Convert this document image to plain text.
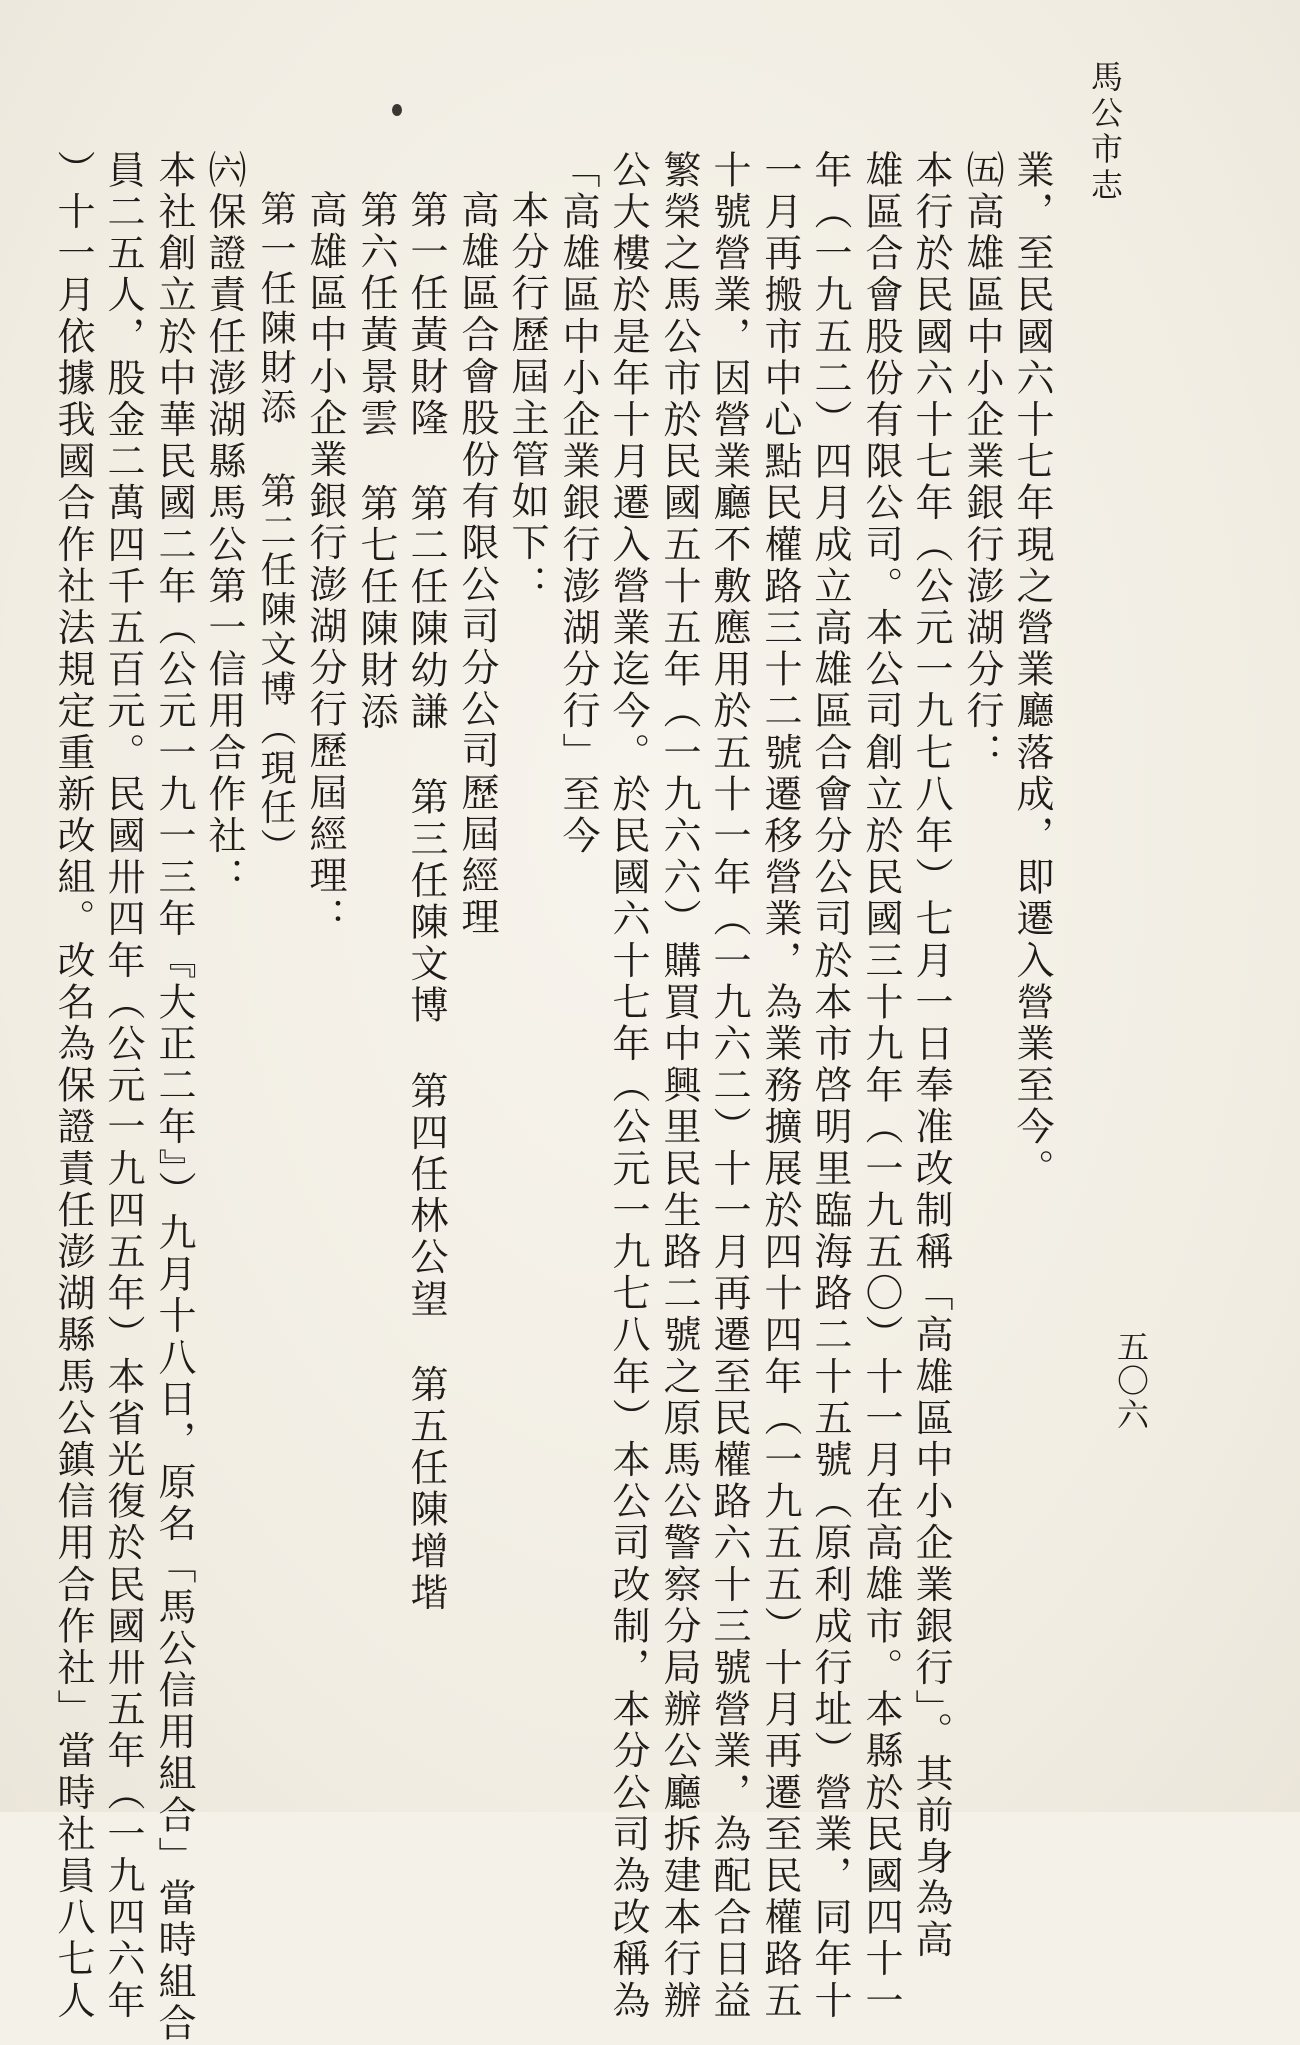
馬公市志
五〇六
業，至民國六十七年現之營業廳落成，即遷入營業至今。
㈤高雄區中小企業銀行澎湖分行：
本行於民國六十七年（公元一九七八年）七月一日奉准改制稱「高雄區中小企業銀行」。其前身為高
雄區合會股份有限公司。本公司創立於民國三十九年（一九五〇）十一月在高雄市。本縣於民國四十一
年（一九五二）四月成立高雄區合會分公司於本市啓明里臨海路二十五號（原利成行址）營業，同年十
一月再搬市中心點民權路三十二號遷移營業，為業務擴展於四十四年（一九五五）十月再遷至民權路五
十號營業，因營業廳不敷應用於五十一年（一九六二）十一月再遷至民權路六十三號營業，為配合日益
繁榮之馬公市於民國五十五年（一九六六）購買中興里民生路二號之原馬公警察分局辦公廳拆建本行辦
公大樓於是年十月遷入營業迄今。於民國六十七年（公元一九七八年）本公司改制，本分公司為改稱為
「高雄區中小企業銀行澎湖分行」至今
本分行歷屆主管如下：
高雄區合會股份有限公司分公司歷屆經理
第一任黃財隆第二任陳幼謙第三任陳文博第四任林公望第五任陳增堦
第六任黃景雲第七任陳財添
高雄區中小企業銀行澎湖分行歷屆經理：
第一任陳財添第二任陳文博（現任）
㈥保證責任澎湖縣馬公第一信用合作社：
本社創立於中華民國二年（公元一九一三年『大正二年』）九月十八日，原名「馬公信用組合」當時組合
員二五人，股金二萬四千五百元。民國卅四年（公元一九四五年）本省光復於民國卅五年（一九四六年
）十一月依據我國合作社法規定重新改組。改名為保證責任澎湖縣馬公鎮信用合作社」當時社員八七人
